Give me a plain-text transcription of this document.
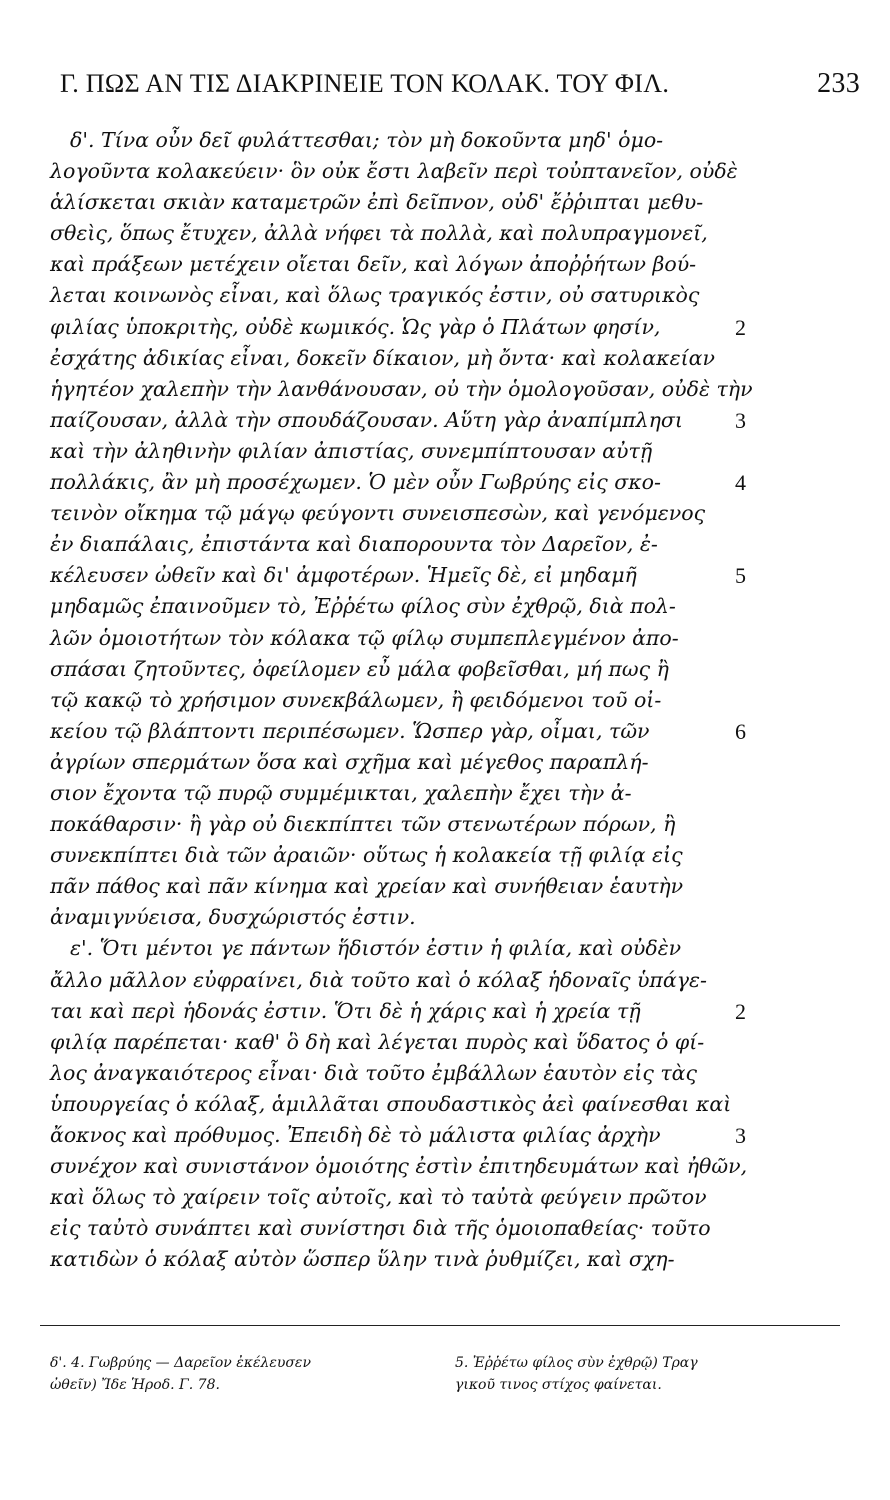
Γ. ΠΩΣ ΑΝ ΤΙΣ ΔΙΑΚΡΙΝΕΙΕ ΤΟΝ ΚΟΛΑΚ. ΤΟΥ ΦΙΛ.	233
δ'. Τίνα οὖν δεῖ φυλάττεσθαι; τὸν μὴ δοκοῦντα μηδ' ὁμο-
λογοῦντα κολακεύειν· ὃν οὐκ ἔστι λαβεῖν περὶ τοὐπτανεῖον, οὐδὲ
ἁλίσκεται σκιὰν καταμετρῶν ἐπὶ δεῖπνον, οὐδ' ἔῤῥιπται μεθυ-
σθεὶς, ὅπως ἔτυχεν, ἀλλὰ νήφει τὰ πολλὰ, καὶ πολυπραγμονεῖ,
καὶ πράξεων μετέχειν οἴεται δεῖν, καὶ λόγων ἀποῤῥήτων βού-
λεται κοινωνὸς εἶναι, καὶ ὅλως τραγικός ἐστιν, οὐ σατυρικὸς
φιλίας ὑποκριτὴς, οὐδὲ κωμικός. Ὡς γὰρ ὁ Πλάτων φησίν,	2
ἐσχάτης ἀδικίας εἶναι, δοκεῖν δίκαιον, μὴ ὄντα· καὶ κολακείαν
ἡγητέον χαλεπὴν τὴν λανθάνουσαν, οὐ τὴν ὁμολογοῦσαν, οὐδὲ τὴν
παίζουσαν, ἀλλὰ τὴν σπουδάζουσαν. Αὕτη γὰρ ἀναπίμπλησι 3
καὶ τὴν ἀληθινὴν φιλίαν ἀπιστίας, συνεμπίπτουσαν αὐτῇ
πολλάκις, ἂν μὴ προσέχωμεν. Ὁ μὲν οὖν Γωβρύης εἰς σκο-	4
τεινὸν οἴκημα τῷ μάγῳ φεύγοντι συνεισπεσὼν, καὶ γενόμενος
ἐν διαπάλαις, ἐπιστάντα καὶ διαπορουντα τὸν Δαρεῖον, ἐ-
κέλευσεν ὠθεῖν καὶ δι' ἀμφοτέρων. Ἡμεῖς δὲ, εἰ μηδαμῆ	5
μηδαμῶς ἐπαινοῦμεν τὸ, Ἐῤῥέτω φίλος σὺν ἐχθρῷ, διὰ πολ-
λῶν ὁμοιοτήτων τὸν κόλακα τῷ φίλῳ συμπεπλεγμένον ἀπο-
σπάσαι ζητοῦντες, ὀφείλομεν εὖ μάλα φοβεῖσθαι, μή πως ἢ
τῷ κακῷ τὸ χρήσιμον συνεκβάλωμεν, ἢ φειδόμενοι τοῦ οἰ-
κείου τῷ βλάπτοντι περιπέσωμεν. Ὥσπερ γὰρ, οἶμαι, τῶν	6
ἀγρίων σπερμάτων ὅσα καὶ σχῆμα καὶ μέγεθος παραπλή-
σιον ἔχοντα τῷ πυρῷ συμμέμικται, χαλεπὴν ἔχει τὴν ἀ-
ποκάθαρσιν· ἢ γὰρ οὐ διεκπίπτει τῶν στενωτέρων πόρων, ἢ
συνεκπίπτει διὰ τῶν ἀραιῶν· οὕτως ἡ κολακεία τῇ φιλίᾳ εἰς
πᾶν πάθος καὶ πᾶν κίνημα καὶ χρείαν καὶ συνήθειαν ἑαυτὴν
ἀναμιγνύεισα, δυσχώριστός ἐστιν.
ε'. Ὅτι μέντοι γε πάντων ἥδιστόν ἐστιν ἡ φιλία, καὶ οὐδὲν
ἄλλο μᾶλλον εὐφραίνει, διὰ τοῦτο καὶ ὁ κόλαξ ἡδοναῖς ὑπάγε-
ται καὶ περὶ ἡδονάς ἐστιν. Ὅτι δὲ ἡ χάρις καὶ ἡ χρεία τῇ	2
φιλίᾳ παρέπεται· καθ' ὃ δὴ καὶ λέγεται πυρὸς καὶ ὕδατος ὁ φί-
λος ἀναγκαιότερος εἶναι· διὰ τοῦτο ἐμβάλλων ἑαυτὸν εἰς τὰς
ὑπουργείας ὁ κόλαξ, ἁμιλλᾶται σπουδαστικὸς ἀεὶ φαίνεσθαι καὶ
ἄοκνος καὶ πρόθυμος. Ἐπειδὴ δὲ τὸ μάλιστα φιλίας ἀρχὴν	3
συνέχον καὶ συνιστάνον ὁμοιότης ἐστὶν ἐπιτηδευμάτων καὶ ἠθῶν,
καὶ ὅλως τὸ χαίρειν τοῖς αὐτοῖς, καὶ τὸ ταὐτὰ φεύγειν πρῶτον
εἰς ταὐτὸ συνάπτει καὶ συνίστησι διὰ τῆς ὁμοιοπαθείας· τοῦτο
κατιδὼν ὁ κόλαξ αὐτὸν ὥσπερ ὕλην τινὰ ῥυθμίζει, καὶ σχη-
δ'. 4. Γωβρύης — Δαρεῖον ἐκέλευσεν
ὠθεῖν) Ἴδε Ἡροδ. Γ. 78.
5. Ἐῤῥέτω φίλος σὺν ἐχθρῷ) Τραγ
γικοῦ τινος στίχος φαίνεται.
